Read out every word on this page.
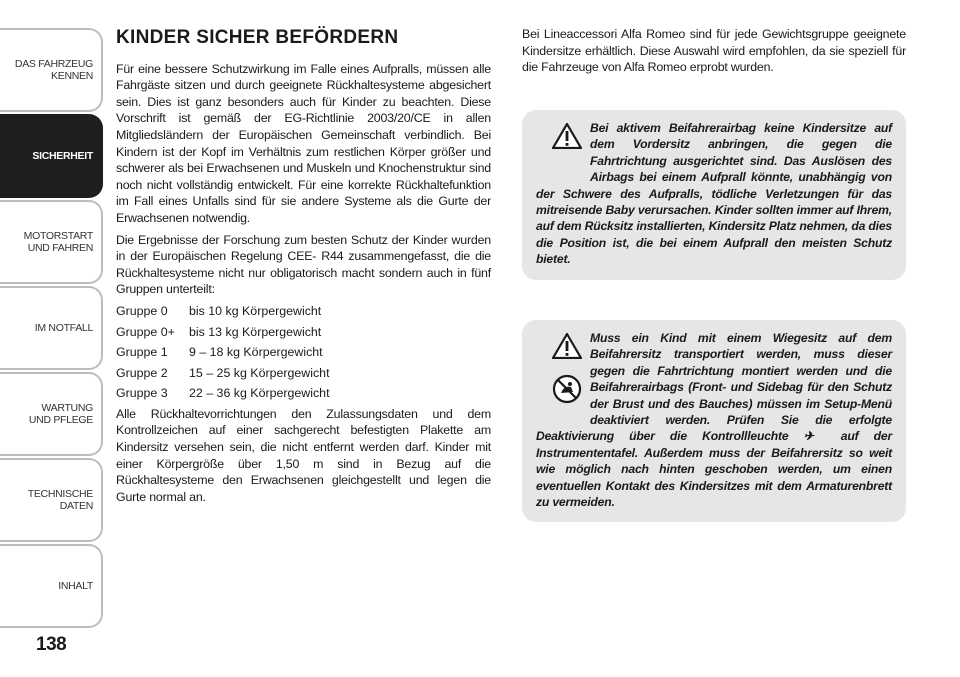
DAS FAHRZEUG
KENNEN
SICHERHEIT
MOTORSTART
UND FAHREN
IM NOTFALL
WARTUNG
UND PFLEGE
TECHNISCHE
DATEN
INHALT
138
KINDER SICHER BEFÖRDERN

Für eine bessere Schutzwirkung im Falle eines Aufpralls, müssen alle Fahrgäste sitzen und durch geeignete Rückhaltesysteme abgesichert sein. Dies ist ganz besonders auch für Kinder zu beachten. Diese Vorschrift ist gemäß der EG-Richtlinie 2003/20/CE in allen Mitgliedsländern der Europäischen Gemeinschaft verbindlich. Bei Kindern ist der Kopf im Verhältnis zum restlichen Körper größer und schwerer als bei Erwachsenen und Muskeln und Knochenstruktur sind noch nicht vollständig entwickelt. Für eine korrekte Rückhaltefunktion im Fall eines Unfalls sind für sie andere Systeme als die Gurte der Erwachsenen notwendig.

Die Ergebnisse der Forschung zum besten Schutz der Kinder wurden in der Europäischen Regelung CEE- R44 zusammengefasst, die die Rückhaltesysteme nicht nur obligatorisch macht sondern auch in fünf Gruppen unterteilt:

Gruppe 0	bis 10 kg Körpergewicht
Gruppe 0+	bis 13 kg Körpergewicht
Gruppe 1	9 – 18 kg Körpergewicht
Gruppe 2	15 – 25 kg Körpergewicht
Gruppe 3	22 – 36 kg Körpergewicht

Alle Rückhaltevorrichtungen den Zulassungsdaten und dem Kontrollzeichen auf einer sachgerecht befestigten Plakette am Kindersitz versehen sein, die nicht entfernt werden darf. Kinder mit einer Körpergröße über 1,50 m sind in Bezug auf die Rückhaltesysteme den Erwachsenen gleichgestellt und legen die Gurte normal an.

Bei Lineaccessori Alfa Romeo sind für jede Gewichtsgruppe geeignete Kindersitze erhältlich. Diese Auswahl wird empfohlen, da sie speziell für die Fahrzeuge von Alfa Romeo erprobt wurden.

Bei aktivem Beifahrerairbag keine Kindersitze auf dem Vordersitz anbringen, die gegen die Fahrtrichtung ausgerichtet sind. Das Auslösen des Airbags bei einem Aufprall könnte, unabhängig von der Schwere des Aufpralls, tödliche Verletzungen für das mitreisende Baby verursachen. Kinder sollten immer auf Ihrem, auf dem Rücksitz installierten, Kindersitz Platz nehmen, da dies die Position ist, die bei einem Aufprall den meisten Schutz bietet.

Muss ein Kind mit einem Wiegesitz auf dem Beifahrersitz transportiert werden, muss dieser gegen die Fahrtrichtung montiert werden und die Beifahrerairbags (Front- und Sidebag für den Schutz der Brust und des Bauches) müssen im Setup-Menü deaktiviert werden. Prüfen Sie die erfolgte Deaktivierung über die Kontrollleuchte ✈ auf der Instrumententafel. Außerdem muss der Beifahrersitz so weit wie möglich nach hinten geschoben werden, um einen eventuellen Kontakt des Kindersitzes mit dem Armaturenbrett zu vermeiden.
